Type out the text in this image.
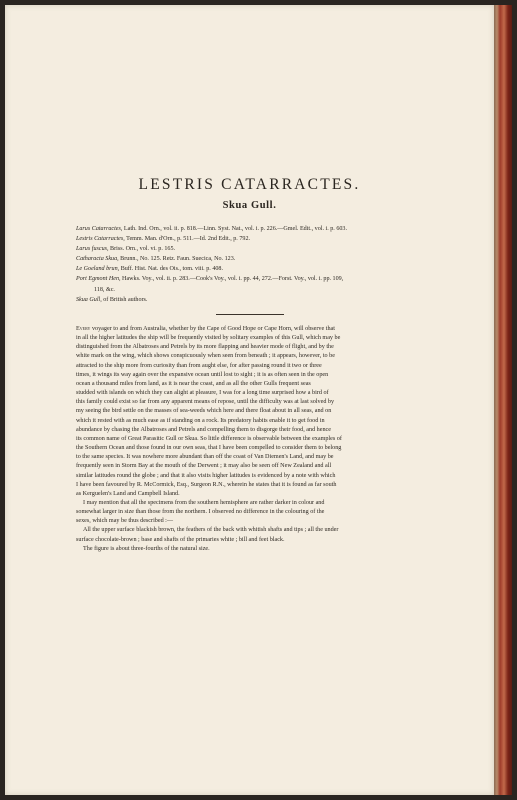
LESTRIS CATARRACTES.
Skua Gull.
Larus Catarractes, Lath. Ind. Orn., vol. ii. p. 818.—Linn. Syst. Nat., vol. i. p. 226.—Gmel. Edit., vol. i. p. 603.
Lestris Catarractes, Temm. Man. d'Orn., p. 511.—Id. 2nd Edit., p. 792.
Larus fuscus, Briss. Orn., vol. vi. p. 165.
Catharacta Skua, Brunn., No. 125. Retz. Faun. Suecica, No. 123.
Le Goeland brun, Buff. Hist. Nat. des Ois., tom. viii. p. 408.
Port Egmont Hen, Hawks. Voy., vol. ii. p. 283.—Cook's Voy., vol. i. pp. 44, 272.—Forst. Voy., vol. i. pp. 109,
118, &c.
Skua Gull, of British authors.
Every voyager to and from Australia, whether by the Cape of Good Hope or Cape Horn, will observe that
in all the higher latitudes the ship will be frequently visited by solitary examples of this Gull, which may be
distinguished from the Albatroses and Petrels by its more flapping and heavier mode of flight, and by the
white mark on the wing, which shows conspicuously when seen from beneath ; it appears, however, to be
attracted to the ship more from curiosity than from aught else, for after passing round it two or three
times, it wings its way again over the expansive ocean until lost to sight ; it is as often seen in the open
ocean a thousand miles from land, as it is near the coast, and as all the other Gulls frequent seas
studded with islands on which they can alight at pleasure, I was for a long time surprised how a bird of
this family could exist so far from any apparent means of repose, until the difficulty was at last solved by
my seeing the bird settle on the masses of sea-weeds which here and there float about in all seas, and on
which it rested with as much ease as if standing on a rock. Its predatory habits enable it to get food in
abundance by chasing the Albatroses and Petrels and compelling them to disgorge their food, and hence
its common name of Great Parasitic Gull or Skua. So little difference is observable between the examples of
the Southern Ocean and those found in our own seas, that I have been compelled to consider them to belong
to the same species. It was nowhere more abundant than off the coast of Van Diemen's Land, and may be
frequently seen in Storm Bay at the mouth of the Derwent ; it may also be seen off New Zealand and all
similar latitudes round the globe ; and that it also visits higher latitudes is evidenced by a note with which
I have been favoured by R. McCormick, Esq., Surgeon R.N., wherein he states that it is found as far south
as Kerguelen's Land and Campbell Island.
I may mention that all the specimens from the southern hemisphere are rather darker in colour and
somewhat larger in size than those from the northern. I observed no difference in the colouring of the
sexes, which may be thus described :—
All the upper surface blackish brown, the feathers of the back with whitish shafts and tips ; all the under
surface chocolate-brown ; base and shafts of the primaries white ; bill and feet black.
The figure is about three-fourths of the natural size.
